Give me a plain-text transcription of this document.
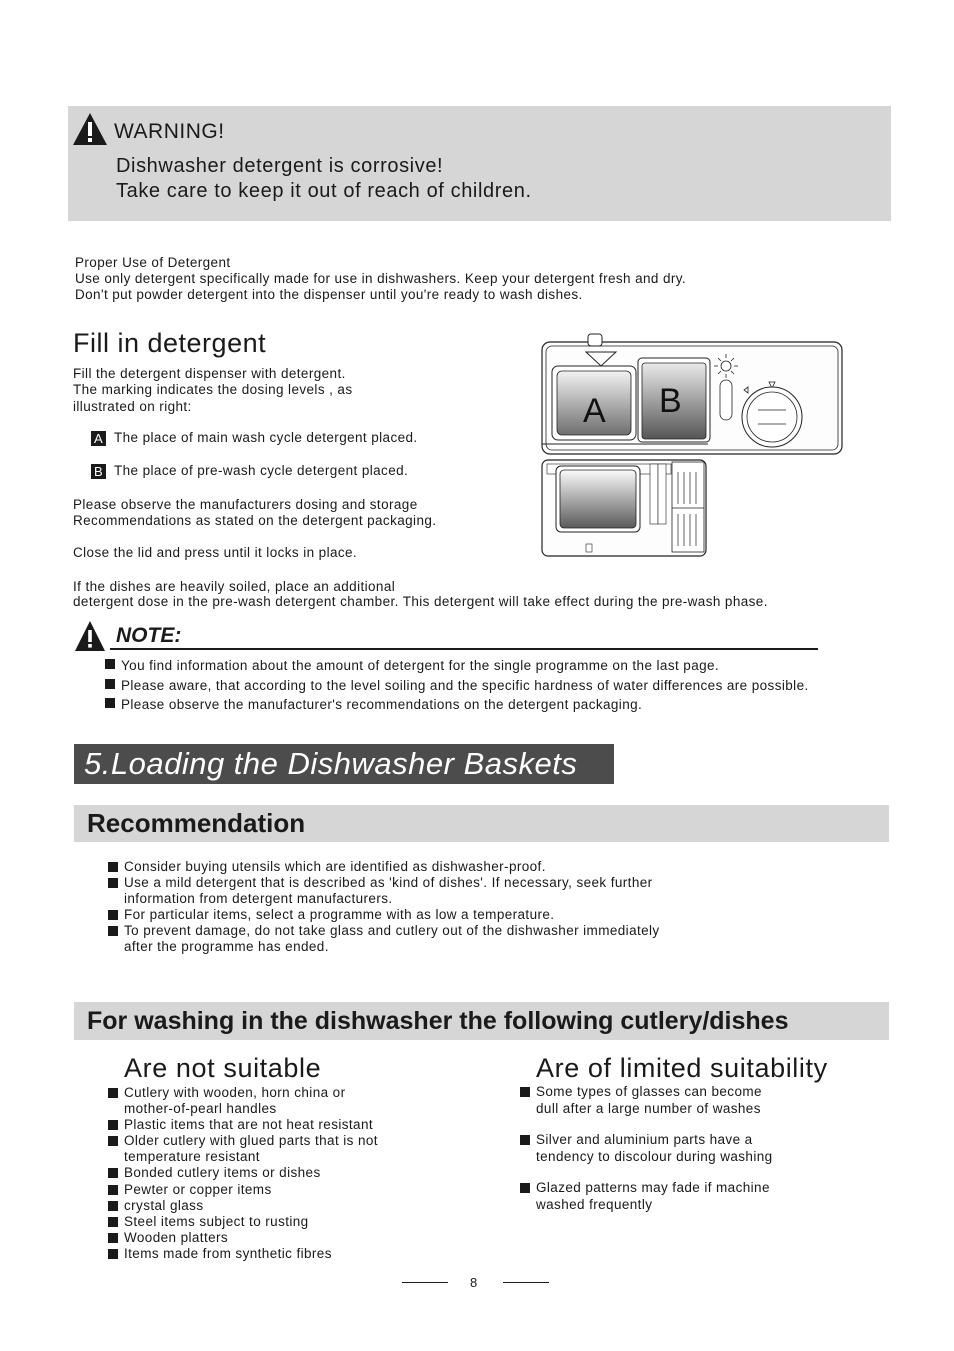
WARNING!
Dishwasher detergent is corrosive!
Take care to keep it out of reach of children.
Proper Use of Detergent
Use only detergent specifically made for use in dishwashers. Keep your detergent fresh and dry.
Don't put powder detergent into the dispenser until you're ready to wash dishes.
Fill in detergent
Fill the detergent dispenser with detergent.
The marking indicates the dosing levels , as
illustrated on right:
A The place of main wash cycle detergent placed.
B The place of pre-wash cycle detergent placed.
Please observe the manufacturers dosing and storage
Recommendations as stated on the detergent packaging.
Close the lid and press until it locks in place.
If the dishes are heavily soiled, place an additional
detergent dose in the pre-wash detergent chamber. This detergent will take effect during the pre-wash phase.
A B
NOTE:
You find information about the amount of detergent for the single programme on the last page.
Please aware, that according to the level soiling and the specific hardness of water differences are possible.
Please observe the manufacturer's recommendations on the detergent packaging.
5.Loading the Dishwasher Baskets
Recommendation
Consider buying utensils which are identified as dishwasher-proof.
Use a mild detergent that is described as 'kind of dishes'. If necessary, seek further
information from detergent manufacturers.
For particular items, select a programme with as low a temperature.
To prevent damage, do not take glass and cutlery out of the dishwasher immediately
after the programme has ended.
For washing in the dishwasher the following cutlery/dishes
Are not suitable
Cutlery with wooden, horn china or
mother-of-pearl handles
Plastic items that are not heat resistant
Older cutlery with glued parts that is not
temperature resistant
Bonded cutlery items or dishes
Pewter or copper items
crystal glass
Steel items subject to rusting
Wooden platters
Items made from synthetic fibres
Are of limited suitability
Some types of glasses can become
dull after a large number of washes
Silver and aluminium parts have a
tendency to discolour during washing
Glazed patterns may fade if machine
washed frequently
8
